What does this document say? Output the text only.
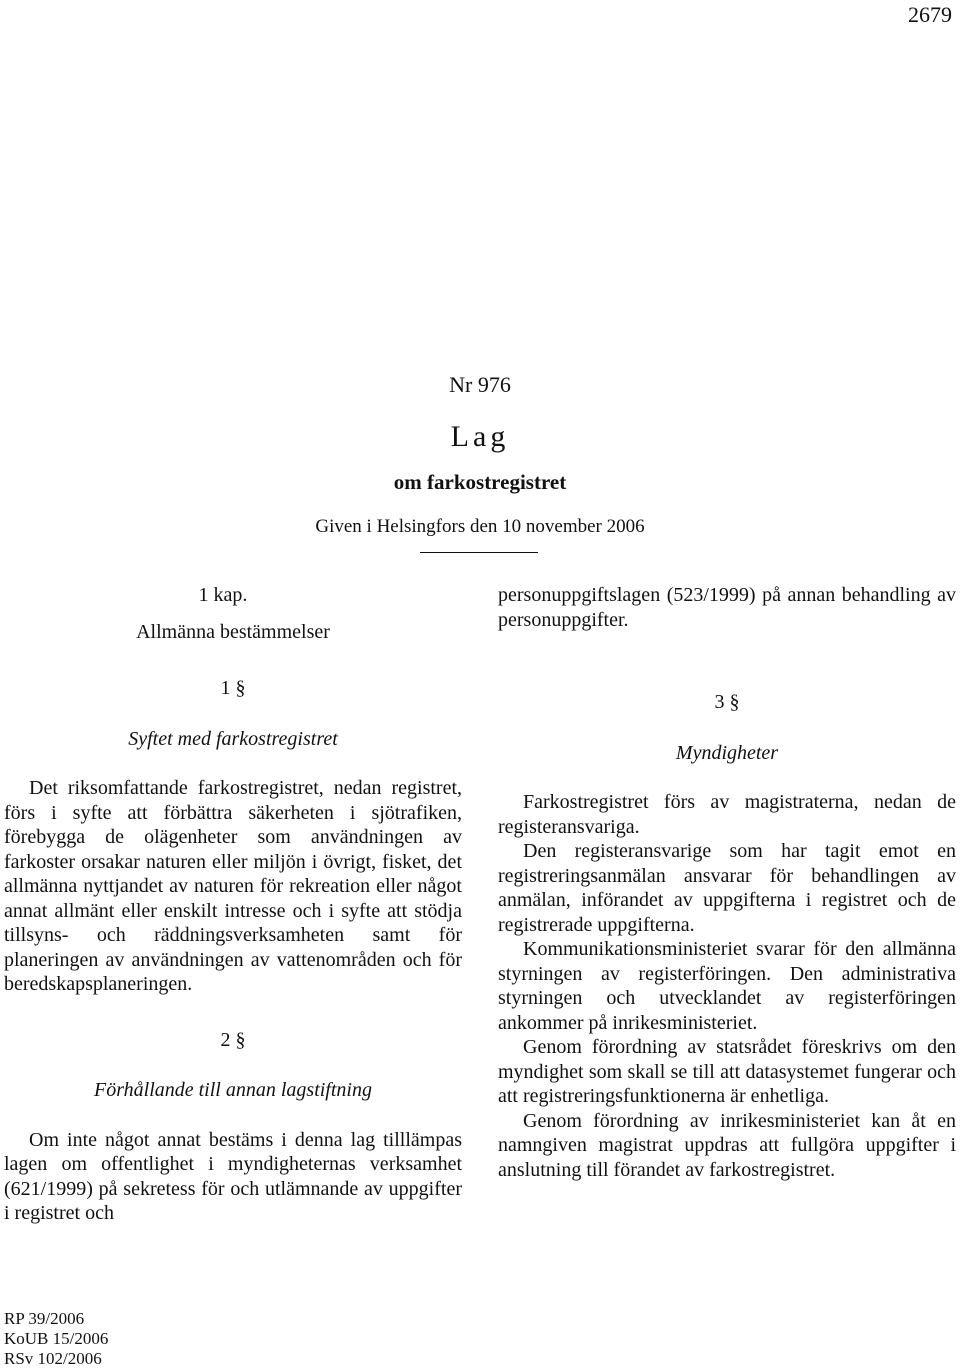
2679
Nr 976
Lag
om farkostregistret
Given i Helsingfors den 10 november 2006

1 kap.

Allmänna bestämmelser

1 §

Syftet med farkostregistret

Det riksomfattande farkostregistret, nedan registret, förs i syfte att förbättra säkerheten i sjötrafiken, förebygga de olägenheter som användningen av farkoster orsakar naturen eller miljön i övrigt, fisket, det allmänna nyttjandet av naturen för rekreation eller något annat allmänt eller enskilt intresse och i syfte att stödja tillsyns- och räddningsverksamheten samt för planeringen av användningen av vattenområden och för beredskapsplaneringen.

2 §

Förhållande till annan lagstiftning

Om inte något annat bestäms i denna lag tilllämpas lagen om offentlighet i myndigheternas verksamhet (621/1999) på sekretess för och utlämnande av uppgifter i registret och

personuppgiftslagen (523/1999) på annan behandling av personuppgifter.

3 §

Myndigheter

Farkostregistret förs av magistraterna, nedan de registeransvariga.

Den registeransvarige som har tagit emot en registreringsanmälan ansvarar för behandlingen av anmälan, införandet av uppgifterna i registret och de registrerade uppgifterna.

Kommunikationsministeriet svarar för den allmänna styrningen av registerföringen. Den administrativa styrningen och utvecklandet av registerföringen ankommer på inrikesministeriet.

Genom förordning av statsrådet föreskrivs om den myndighet som skall se till att datasystemet fungerar och att registreringsfunktionerna är enhetliga.

Genom förordning av inrikesministeriet kan åt en namngiven magistrat uppdras att fullgöra uppgifter i anslutning till förandet av farkostregistret.

RP 39/2006
KoUB 15/2006
RSv 102/2006
